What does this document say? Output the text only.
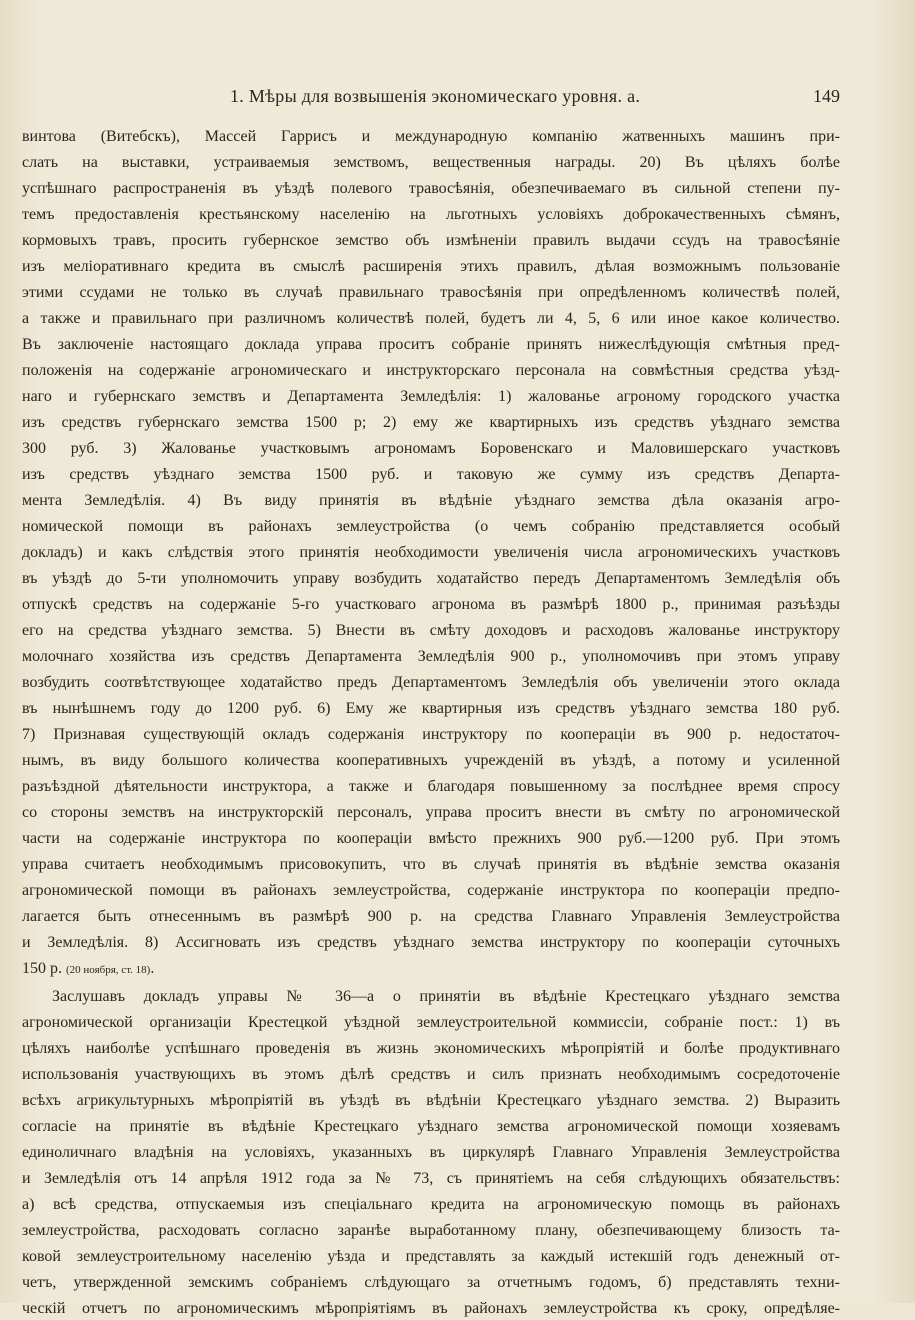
1. Мѣры для возвышенія экономическаго уровня. а.	149
винтова (Витебскъ), Массей Гаррисъ и международную компанію жатвенныхъ машинъ при-
слать на выставки, устраиваемыя земствомъ, вещественныя награды. 20) Въ цѣляхъ болѣе
успѣшнаго распространенія въ уѣздѣ полевого травосѣянія, обезпечиваемаго въ сильной степени пу-
темъ предоставленія крестьянскому населенію на льготныхъ условіяхъ доброкачественныхъ сѣмянъ,
кормовыхъ травъ, просить губернское земство объ измѣненіи правилъ выдачи ссудъ на травосѣяніе
изъ меліоративнаго кредита въ смыслѣ расширенія этихъ правилъ, дѣлая возможнымъ пользованіе
этими ссудами не только въ случаѣ правильнаго травосѣянія при опредѣленномъ количествѣ полей,
а также и правильнаго при различномъ количествѣ полей, будетъ ли 4, 5, 6 или иное какое количество.
Въ заключеніе настоящаго доклада управа проситъ собраніе принять нижеслѣдующія смѣтныя пред-
положенія на содержаніе агрономическаго и инструкторскаго персонала на совмѣстныя средства уѣзд-
наго и губернскаго земствъ и Департамента Земледѣлія: 1) жалованье агроному городского участка
изъ средствъ губернскаго земства 1500 р; 2) ему же квартирныхъ изъ средствъ уѣзднаго земства
300 руб. 3) Жалованье участковымъ агрономамъ Боровенскаго и Маловишерскаго участковъ
изъ средствъ уѣзднаго земства 1500 руб. и таковую же сумму изъ средствъ Департа-
мента Земледѣлія. 4) Въ виду принятія въ вѣдѣніе уѣзднаго земства дѣла оказанія агро-
номической помощи въ районахъ землеустройства (о чемъ собранію представляется особый
докладъ) и какъ слѣдствія этого принятія необходимости увеличенія числа агрономическихъ участковъ
въ уѣздѣ до 5-ти уполномочить управу возбудить ходатайство передъ Департаментомъ Земледѣлія объ
отпускѣ средствъ на содержаніе 5-го участковаго агронома въ размѣрѣ 1800 р., принимая разъѣзды
его на средства уѣзднаго земства. 5) Внести въ смѣту доходовъ и расходовъ жалованье инструктору
молочнаго хозяйства изъ средствъ Департамента Земледѣлія 900 р., уполномочивъ при этомъ управу
возбудить соотвѣтствующее ходатайство предъ Департаментомъ Земледѣлія объ увеличеніи этого оклада
въ нынѣшнемъ году до 1200 руб. 6) Ему же квартирныя изъ средствъ уѣзднаго земства 180 руб.
7) Признавая существующій окладъ содержанія инструктору по коопераціи въ 900 р. недостаточ-
нымъ, въ виду большого количества кооперативныхъ учрежденій въ уѣздѣ, а потому и усиленной
разъѣздной дѣятельности инструктора, а также и благодаря повышенному за послѣднее время спросу
со стороны земствъ на инструкторскій персоналъ, управа проситъ внести въ смѣту по агрономической
части на содержаніе инструктора по коопераціи вмѣсто прежнихъ 900 руб.—1200 руб. При этомъ
управа считаетъ необходимымъ присовокупить, что въ случаѣ принятія въ вѣдѣніе земства оказанія
агрономической помощи въ районахъ землеустройства, содержаніе инструктора по коопераціи предпо-
лагается быть отнесеннымъ въ размѣрѣ 900 р. на средства Главнаго Управленія Землеустройства
и Земледѣлія. 8) Ассигновать изъ средствъ уѣзднаго земства инструктору по коопераціи суточныхъ
150 р. (20 ноября, ст. 18).
Заслушавъ докладъ управы № 36—а о принятіи въ вѣдѣніе Крестецкаго уѣзднаго земства
агрономической организаціи Крестецкой уѣздной землеустроительной коммиссіи, собраніе пост.: 1) въ
цѣляхъ наиболѣе успѣшнаго проведенія въ жизнь экономическихъ мѣропріятій и болѣе продуктивнаго
использованія участвующихъ въ этомъ дѣлѣ средствъ и силъ признать необходимымъ сосредоточеніе
всѣхъ агрикультурныхъ мѣропріятій въ уѣздѣ въ вѣдѣніи Крестецкаго уѣзднаго земства. 2) Выразить
согласіе на принятіе въ вѣдѣніе Крестецкаго уѣзднаго земства агрономической помощи хозяевамъ
единоличнаго владѣнія на условіяхъ, указанныхъ въ циркулярѣ Главнаго Управленія Землеустройства
и Земледѣлія отъ 14 апрѣля 1912 года за № 73, съ принятіемъ на себя слѣдующихъ обязательствъ:
а) всѣ средства, отпускаемыя изъ спеціальнаго кредита на агрономическую помощь въ районахъ
землеустройства, расходовать согласно заранѣе выработанному плану, обезпечивающему близость та-
ковой землеустроительному населенію уѣзда и представлять за каждый истекшій годъ денежный от-
четъ, утвержденной земскимъ собраніемъ слѣдующаго за отчетнымъ годомъ, б) представлять техни-
ческій отчетъ по агрономическимъ мѣропріятіямъ въ районахъ землеустройства къ сроку, опредѣляе-
